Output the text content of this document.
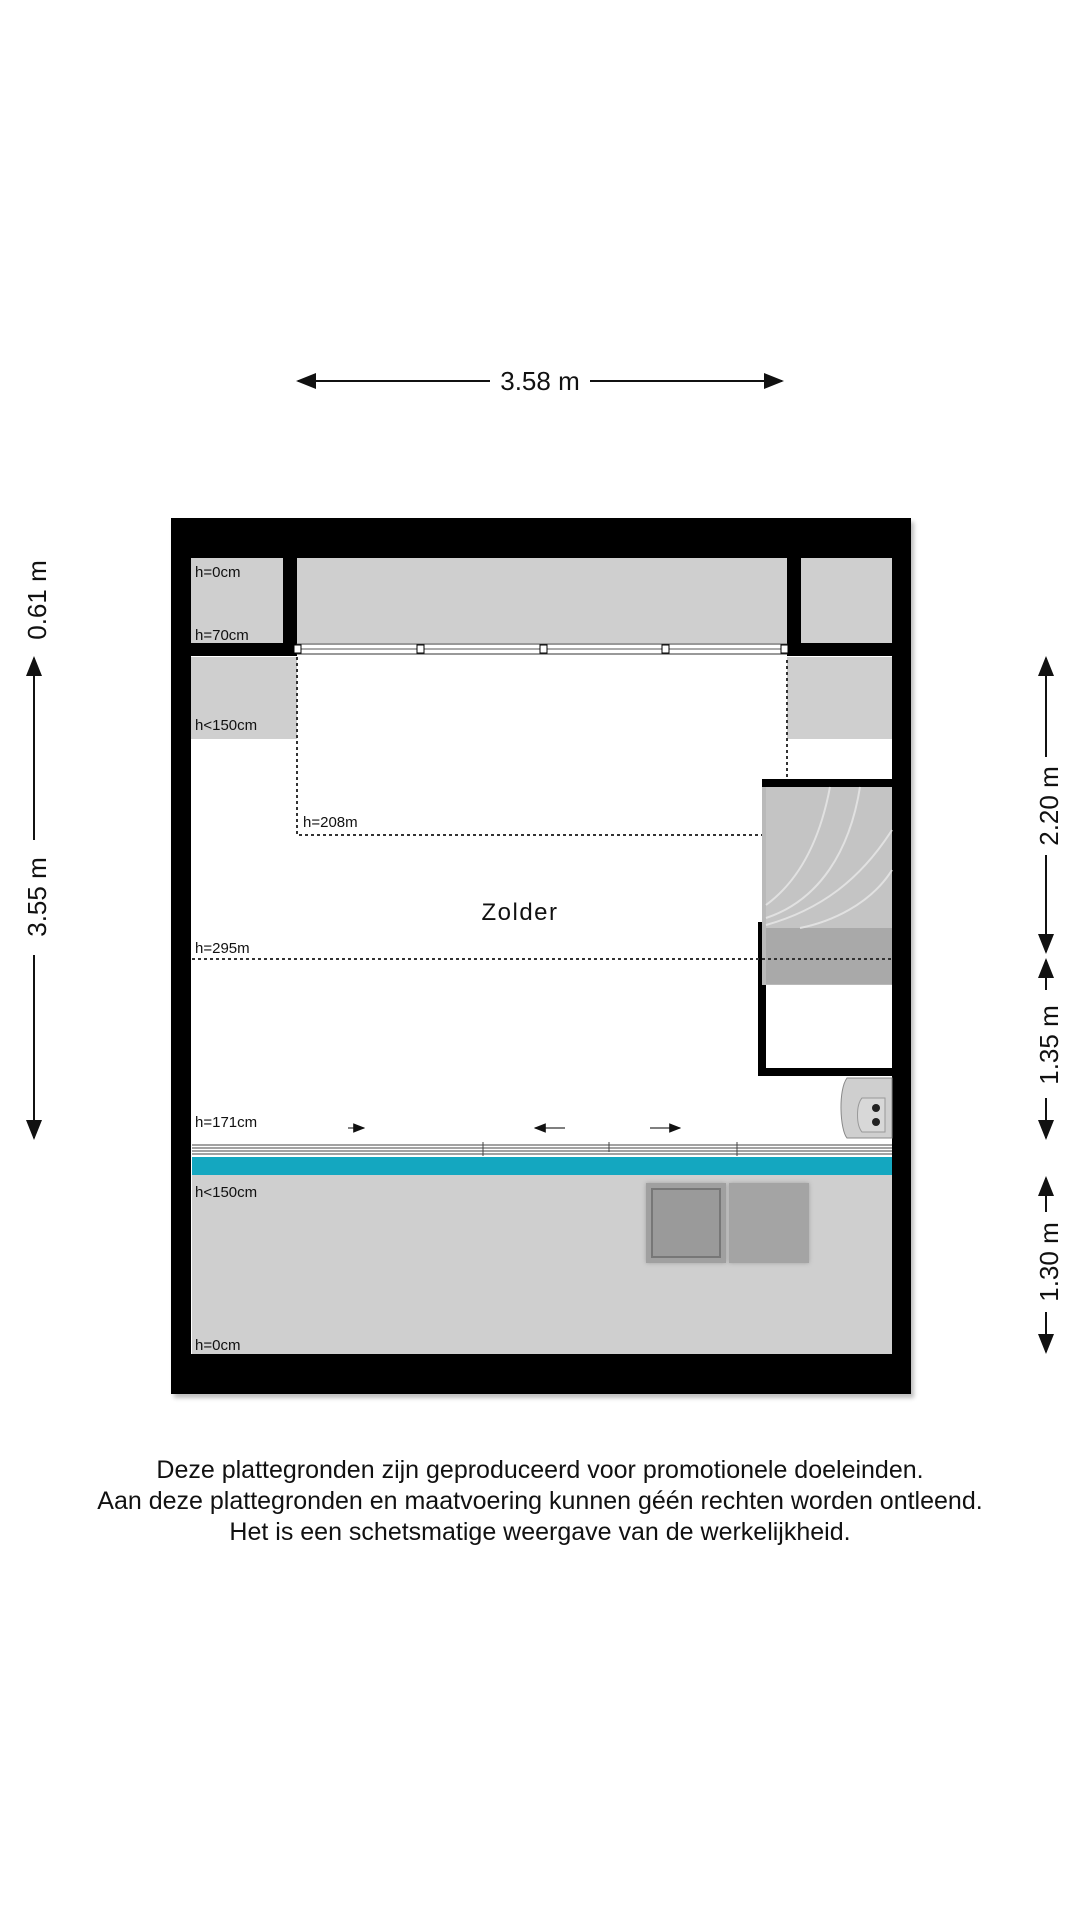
3.58 m
0.61 m
3.55 m
2.20 m
1.35 m
1.30 m
h=0cm
h=70cm
h<150cm
h=208m
h=295m
h=171cm
h<150cm
h=0cm
Zolder
Deze plattegronden zijn geproduceerd voor promotionele doeleinden.
Aan deze plattegronden en maatvoering kunnen géén rechten worden ontleend.
Het is een schetsmatige weergave van de werkelijkheid.
